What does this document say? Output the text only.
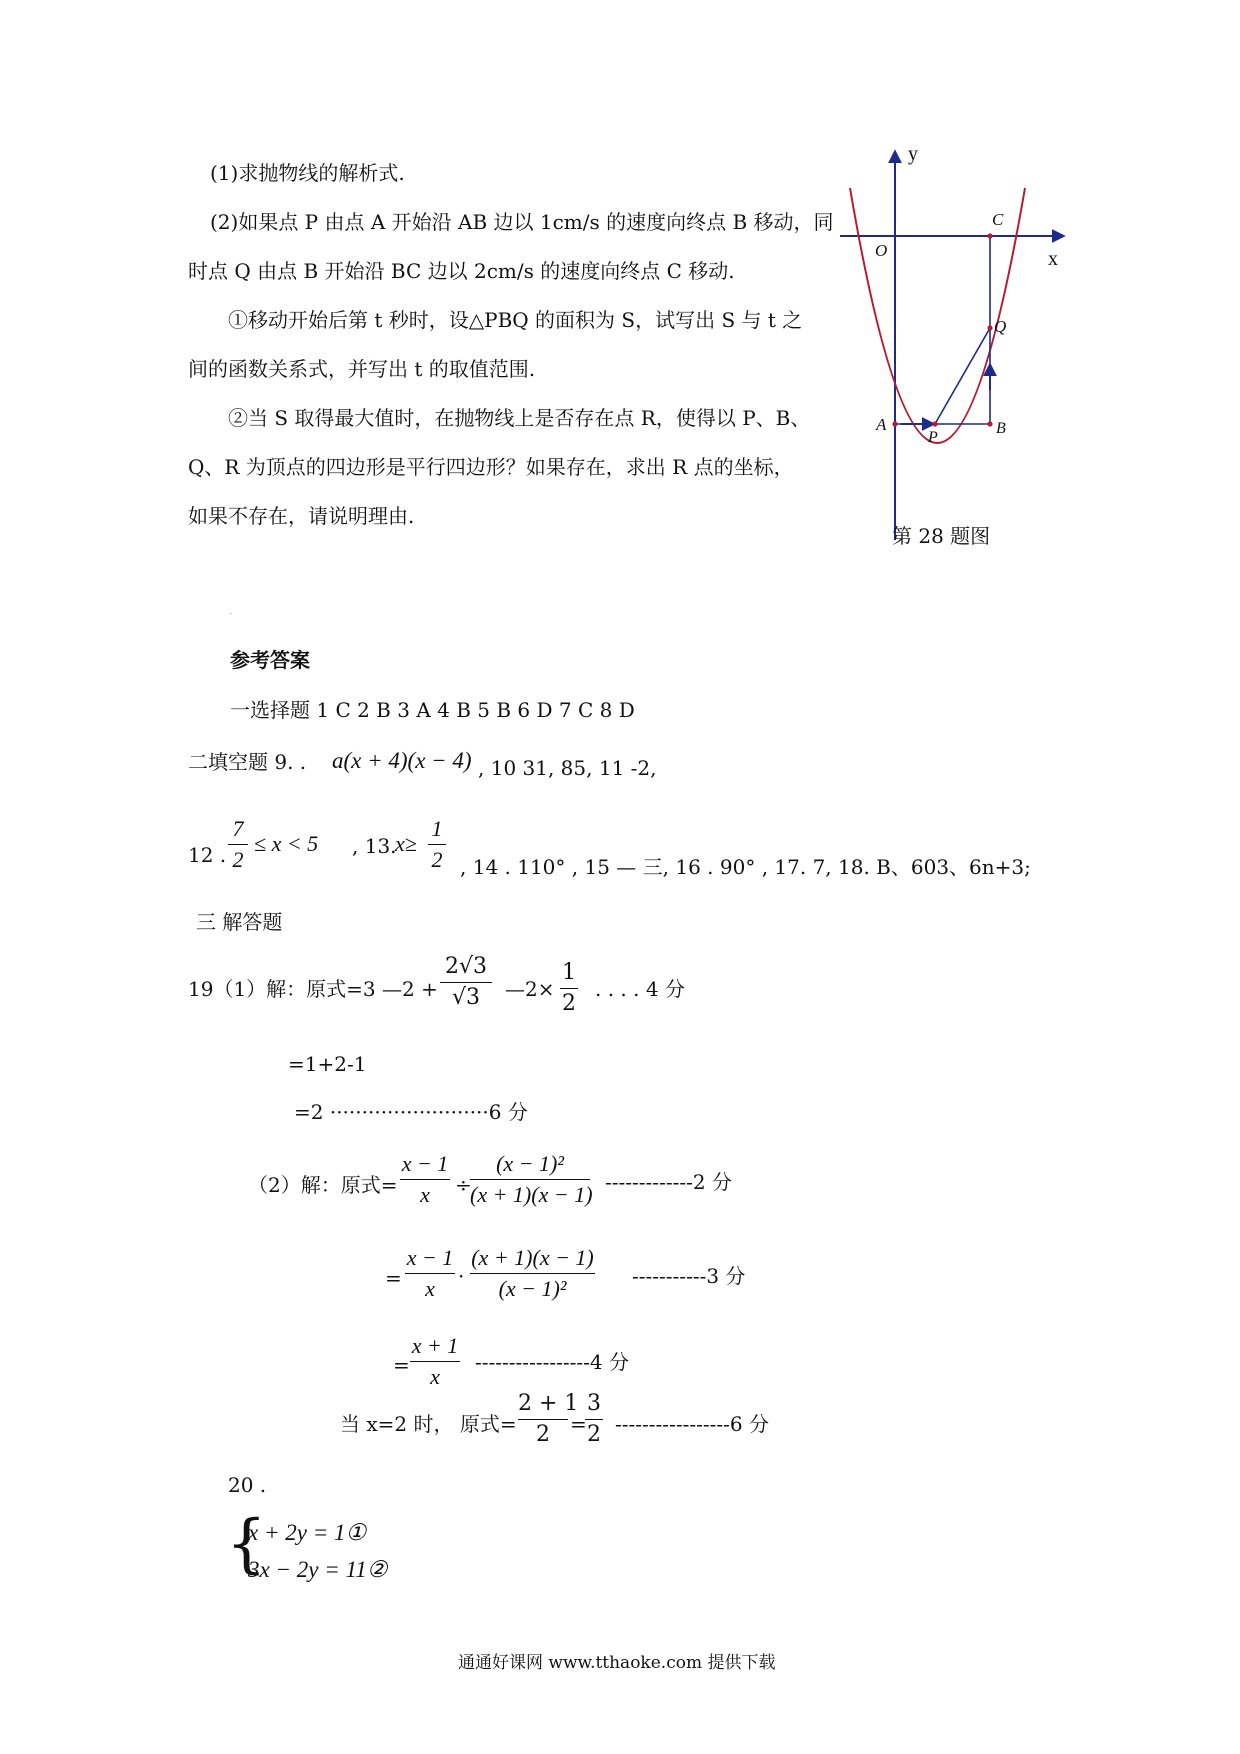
(1)求抛物线的解析式.
(2)如果点 P 由点 A 开始沿 AB 边以 1cm/s 的速度向终点 B 移动，同
时点 Q 由点 B 开始沿 BC 边以 2cm/s 的速度向终点 C 移动.
①移动开始后第 t 秒时，设△PBQ 的面积为 S，试写出 S 与 t 之
间的函数关系式，并写出 t 的取值范围.
②当 S 取得最大值时，在抛物线上是否存在点 R，使得以 P、B、
Q、R 为顶点的四边形是平行四边形？如果存在，求出 R 点的坐标，
如果不存在，请说明理由.
y
x
O
C
Q
A
P
B
第 28 题图
·
参考答案
一选择题 1 C 2 B 3 A 4 B 5 B 6 D 7 C 8 D
二填空题 9. . a(x + 4)(x − 4) , 10 31, 85, 11 -2,
12 .
7
2
≤ x < 5 , 13.
x≥
1
2 , 14 . 110° , 15 — 三, 16 . 90° , 17. 7, 18. B、603、6n+3;
三 解答题
19（1）解：原式=3 —2 +
2√3
√3	—2×
1
2
. . . . 4 分
=1+2-1
=2 ·························6 分
（2）解：原式=
x − 1
x	÷
(x − 1)²
(x + 1)(x − 1) -------------2 分
=
x − 1
x	·
(x + 1)(x − 1)
(x − 1)²	-----------3 分
=
x + 1
x
-----------------4 分
当 x=2 时， 原式=
2 + 1
2	=
3
2 -----------------6 分
20 .
{
x + 2y = 1①
3x − 2y = 11②
通通好课网 www.tthaoke.com 提供下载
